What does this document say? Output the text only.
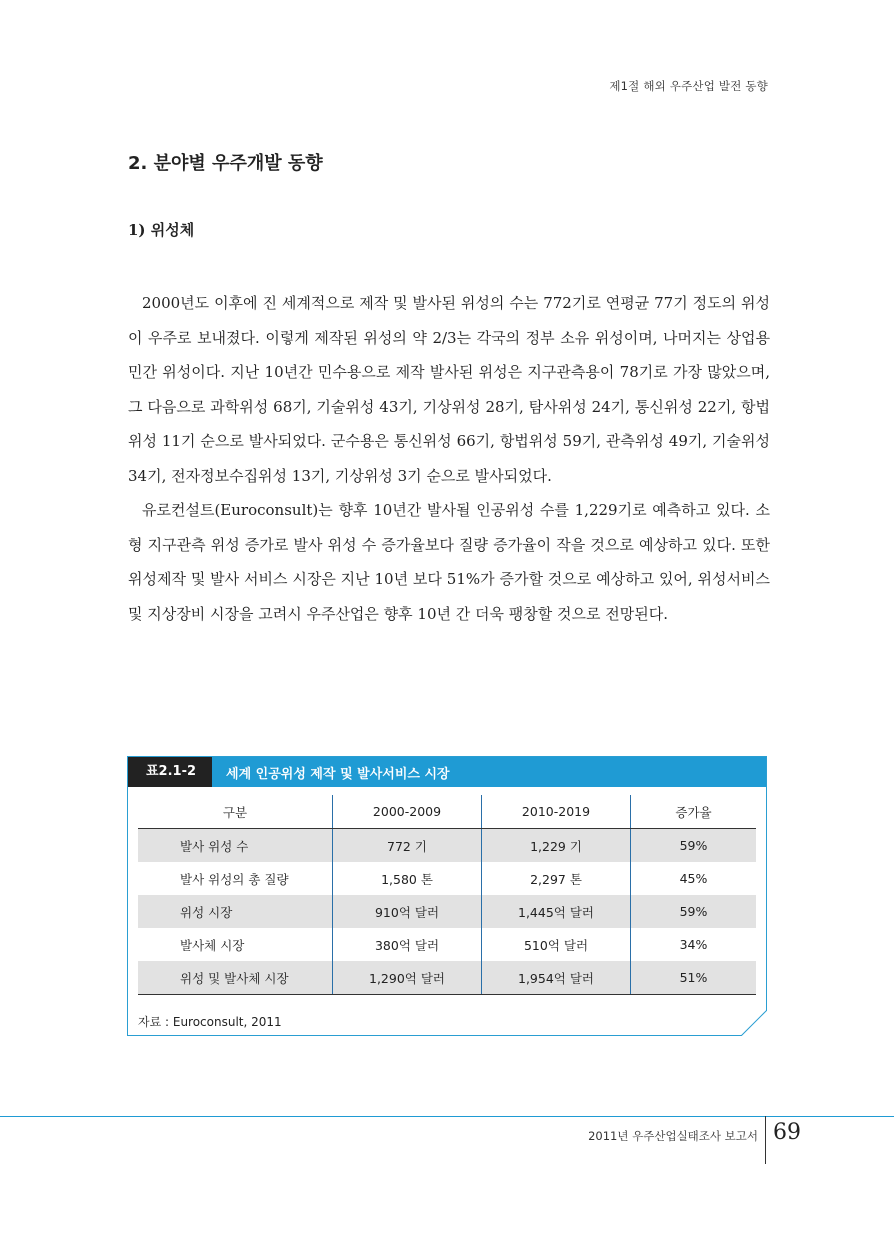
제1절 해외 우주산업 발전 동향
2. 분야별 우주개발 동향
1) 위성체

2000년도 이후에 진 세계적으로 제작 및 발사된 위성의 수는 772기로 연평균 77기 정도의 위성이 우주로 보내졌다. 이렇게 제작된 위성의 약 2/3는 각국의 정부 소유 위성이며, 나머지는 상업용 민간 위성이다. 지난 10년간 민수용으로 제작 발사된 위성은 지구관측용이 78기로 가장 많았으며, 그 다음으로 과학위성 68기, 기술위성 43기, 기상위성 28기, 탐사위성 24기, 통신위성 22기, 항법위성 11기 순으로 발사되었다. 군수용은 통신위성 66기, 항법위성 59기, 관측위성 49기, 기술위성 34기, 전자정보수집위성 13기, 기상위성 3기 순으로 발사되었다.

유로컨설트(Euroconsult)는 향후 10년간 발사될 인공위성 수를 1,229기로 예측하고 있다. 소형 지구관측 위성 증가로 발사 위성 수 증가율보다 질량 증가율이 작을 것으로 예상하고 있다. 또한 위성제작 및 발사 서비스 시장은 지난 10년 보다 51%가 증가할 것으로 예상하고 있어, 위성서비스 및 지상장비 시장을 고려시 우주산업은 향후 10년 간 더욱 팽창할 것으로 전망된다.

표2.1-2	세계 인공위성 제작 및 발사서비스 시장
구분	2000-2009	2010-2019	증가율
발사 위성 수	772 기	1,229 기	59%
발사 위성의 총 질량	1,580 톤	2,297 톤	45%
위성 시장	910억 달러	1,445억 달러	59%
발사체 시장	380억 달러	510억 달러	34%
위성 및 발사체 시장	1,290억 달러	1,954억 달러	51%
자료 : Euroconsult, 2011
2011년 우주산업실태조사 보고서 69
